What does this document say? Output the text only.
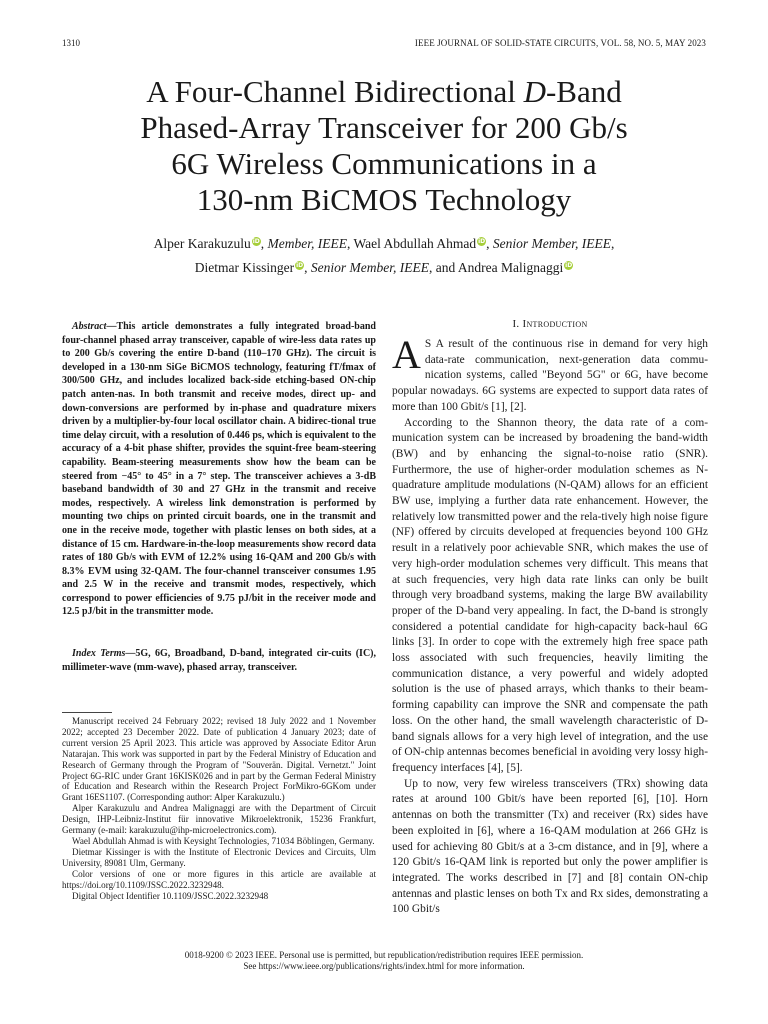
1310	IEEE JOURNAL OF SOLID-STATE CIRCUITS, VOL. 58, NO. 5, MAY 2023
A Four-Channel Bidirectional D-Band
Phased-Array Transceiver for 200 Gb/s
6G Wireless Communications in a
130-nm BiCMOS Technology
Alper Karakuzulu iD, Member, IEEE, Wael Abdullah Ahmad iD, Senior Member, IEEE,
Dietmar Kissinger iD, Senior Member, IEEE, and Andrea Malignaggi iD
Abstract—This article demonstrates a fully integrated broad-band four-channel phased array transceiver, capable of wire-less data rates up to 200 Gb/s covering the entire D-band (110–170 GHz). The circuit is developed in a 130-nm SiGe BiCMOS technology, featuring fT/fmax of 300/500 GHz, and includes localized back-side etching-based ON-chip patch anten-nas. In both transmit and receive modes, direct up- and down-conversions are performed by in-phase and quadrature mixers driven by a multiplier-by-four local oscillator chain. A bidirec-tional true time delay circuit, with a resolution of 0.446 ps, which is equivalent to the accuracy of a 4-bit phase shifter, provides the squint-free beam-steering capability. Beam-steering measurements show how the beam can be steered from −45° to 45° in a 7° step. The transceiver achieves a 3-dB baseband bandwidth of 30 and 27 GHz in the transmit and receive modes, respectively. A wireless link demonstration is performed by mounting two chips on printed circuit boards, one in the transmit and one in the receive mode, together with plastic lenses on both sides, at a distance of 15 cm. Hardware-in-the-loop measurements show record data rates of 180 Gb/s with EVM of 12.2% using 16-QAM and 200 Gb/s with 8.3% EVM using 32-QAM. The four-channel transceiver consumes 1.95 and 2.5 W in the receive and transmit modes, respectively, which correspond to power efficiencies of 9.75 pJ/bit in the receiver mode and 12.5 pJ/bit in the transmitter mode.
Index Terms—5G, 6G, Broadband, D-band, integrated cir-cuits (IC), millimeter-wave (mm-wave), phased array, transceiver.

Manuscript received 24 February 2022; revised 18 July 2022 and 1 November 2022; accepted 23 December 2022. Date of publication 4 January 2023; date of current version 25 April 2023. This article was approved by Associate Editor Arun Natarajan. This work was supported in part by the Federal Ministry of Education and Research of Germany through the Program of "Souverän. Digital. Vernetzt." Joint Project 6G-RIC under Grant 16KISK026 and in part by the German Federal Ministry of Education and Research within the Research Project ForMikro-6GKom under Grant 16ES1107. (Corresponding author: Alper Karakuzulu.)

Alper Karakuzulu and Andrea Malignaggi are with the Department of Circuit Design, IHP-Leibniz-Institut für innovative Mikroelektronik, 15236 Frankfurt, Germany (e-mail: karakuzulu@ihp-microelectronics.com).

Wael Abdullah Ahmad is with Keysight Technologies, 71034 Böblingen, Germany.

Dietmar Kissinger is with the Institute of Electronic Devices and Circuits, Ulm University, 89081 Ulm, Germany.

Color versions of one or more figures in this article are available at https://doi.org/10.1109/JSSC.2022.3232948.

Digital Object Identifier 10.1109/JSSC.2022.3232948

I. Introduction

A S A result of the continuous rise in demand for very high data-rate communication, next-generation data commu-nication systems, called "Beyond 5G" or 6G, have become popular nowadays. 6G systems are expected to support data rates of more than 100 Gbit/s [1], [2].

According to the Shannon theory, the data rate of a com-munication system can be increased by broadening the band-width (BW) and by enhancing the signal-to-noise ratio (SNR). Furthermore, the use of higher-order modulation schemes as N-quadrature amplitude modulations (N-QAM) allows for an efficient BW use, implying a further data rate enhancement. However, the relatively low transmitted power and the rela-tively high noise figure (NF) offered by circuits developed at frequencies beyond 100 GHz result in a relatively poor achievable SNR, which makes the use of very high-order modulation schemes very difficult. This means that at such frequencies, very high data rate links can only be built through very broadband systems, making the large BW availability proper of the D-band very appealing. In fact, the D-band is strongly considered a potential candidate for high-capacity back-haul 6G links [3]. In order to cope with the extremely high free space path loss associated with such frequencies, heavily limiting the communication distance, a very powerful and widely adopted solution is the use of phased arrays, which thanks to their beam-forming capability can improve the SNR and compensate the path loss. On the other hand, the small wavelength characteristic of D-band signals allows for a very high level of integration, and the use of ON-chip antennas becomes beneficial in avoiding very lossy high-frequency interfaces [4], [5].

Up to now, very few wireless transceivers (TRx) showing data rates at around 100 Gbit/s have been reported [6], [10]. Horn antennas on both the transmitter (Tx) and receiver (Rx) sides have been exploited in [6], where a 16-QAM modulation at 266 GHz is used for achieving 80 Gbit/s at a 3-cm distance, and in [9], where a 120 Gbit/s 16-QAM link is reported but only the power amplifier is integrated. The works described in [7] and [8] contain ON-chip antennas and plastic lenses on both Tx and Rx sides, demonstrating a 100 Gbit/s

0018-9200 © 2023 IEEE. Personal use is permitted, but republication/redistribution requires IEEE permission.
See https://www.ieee.org/publications/rights/index.html for more information.
